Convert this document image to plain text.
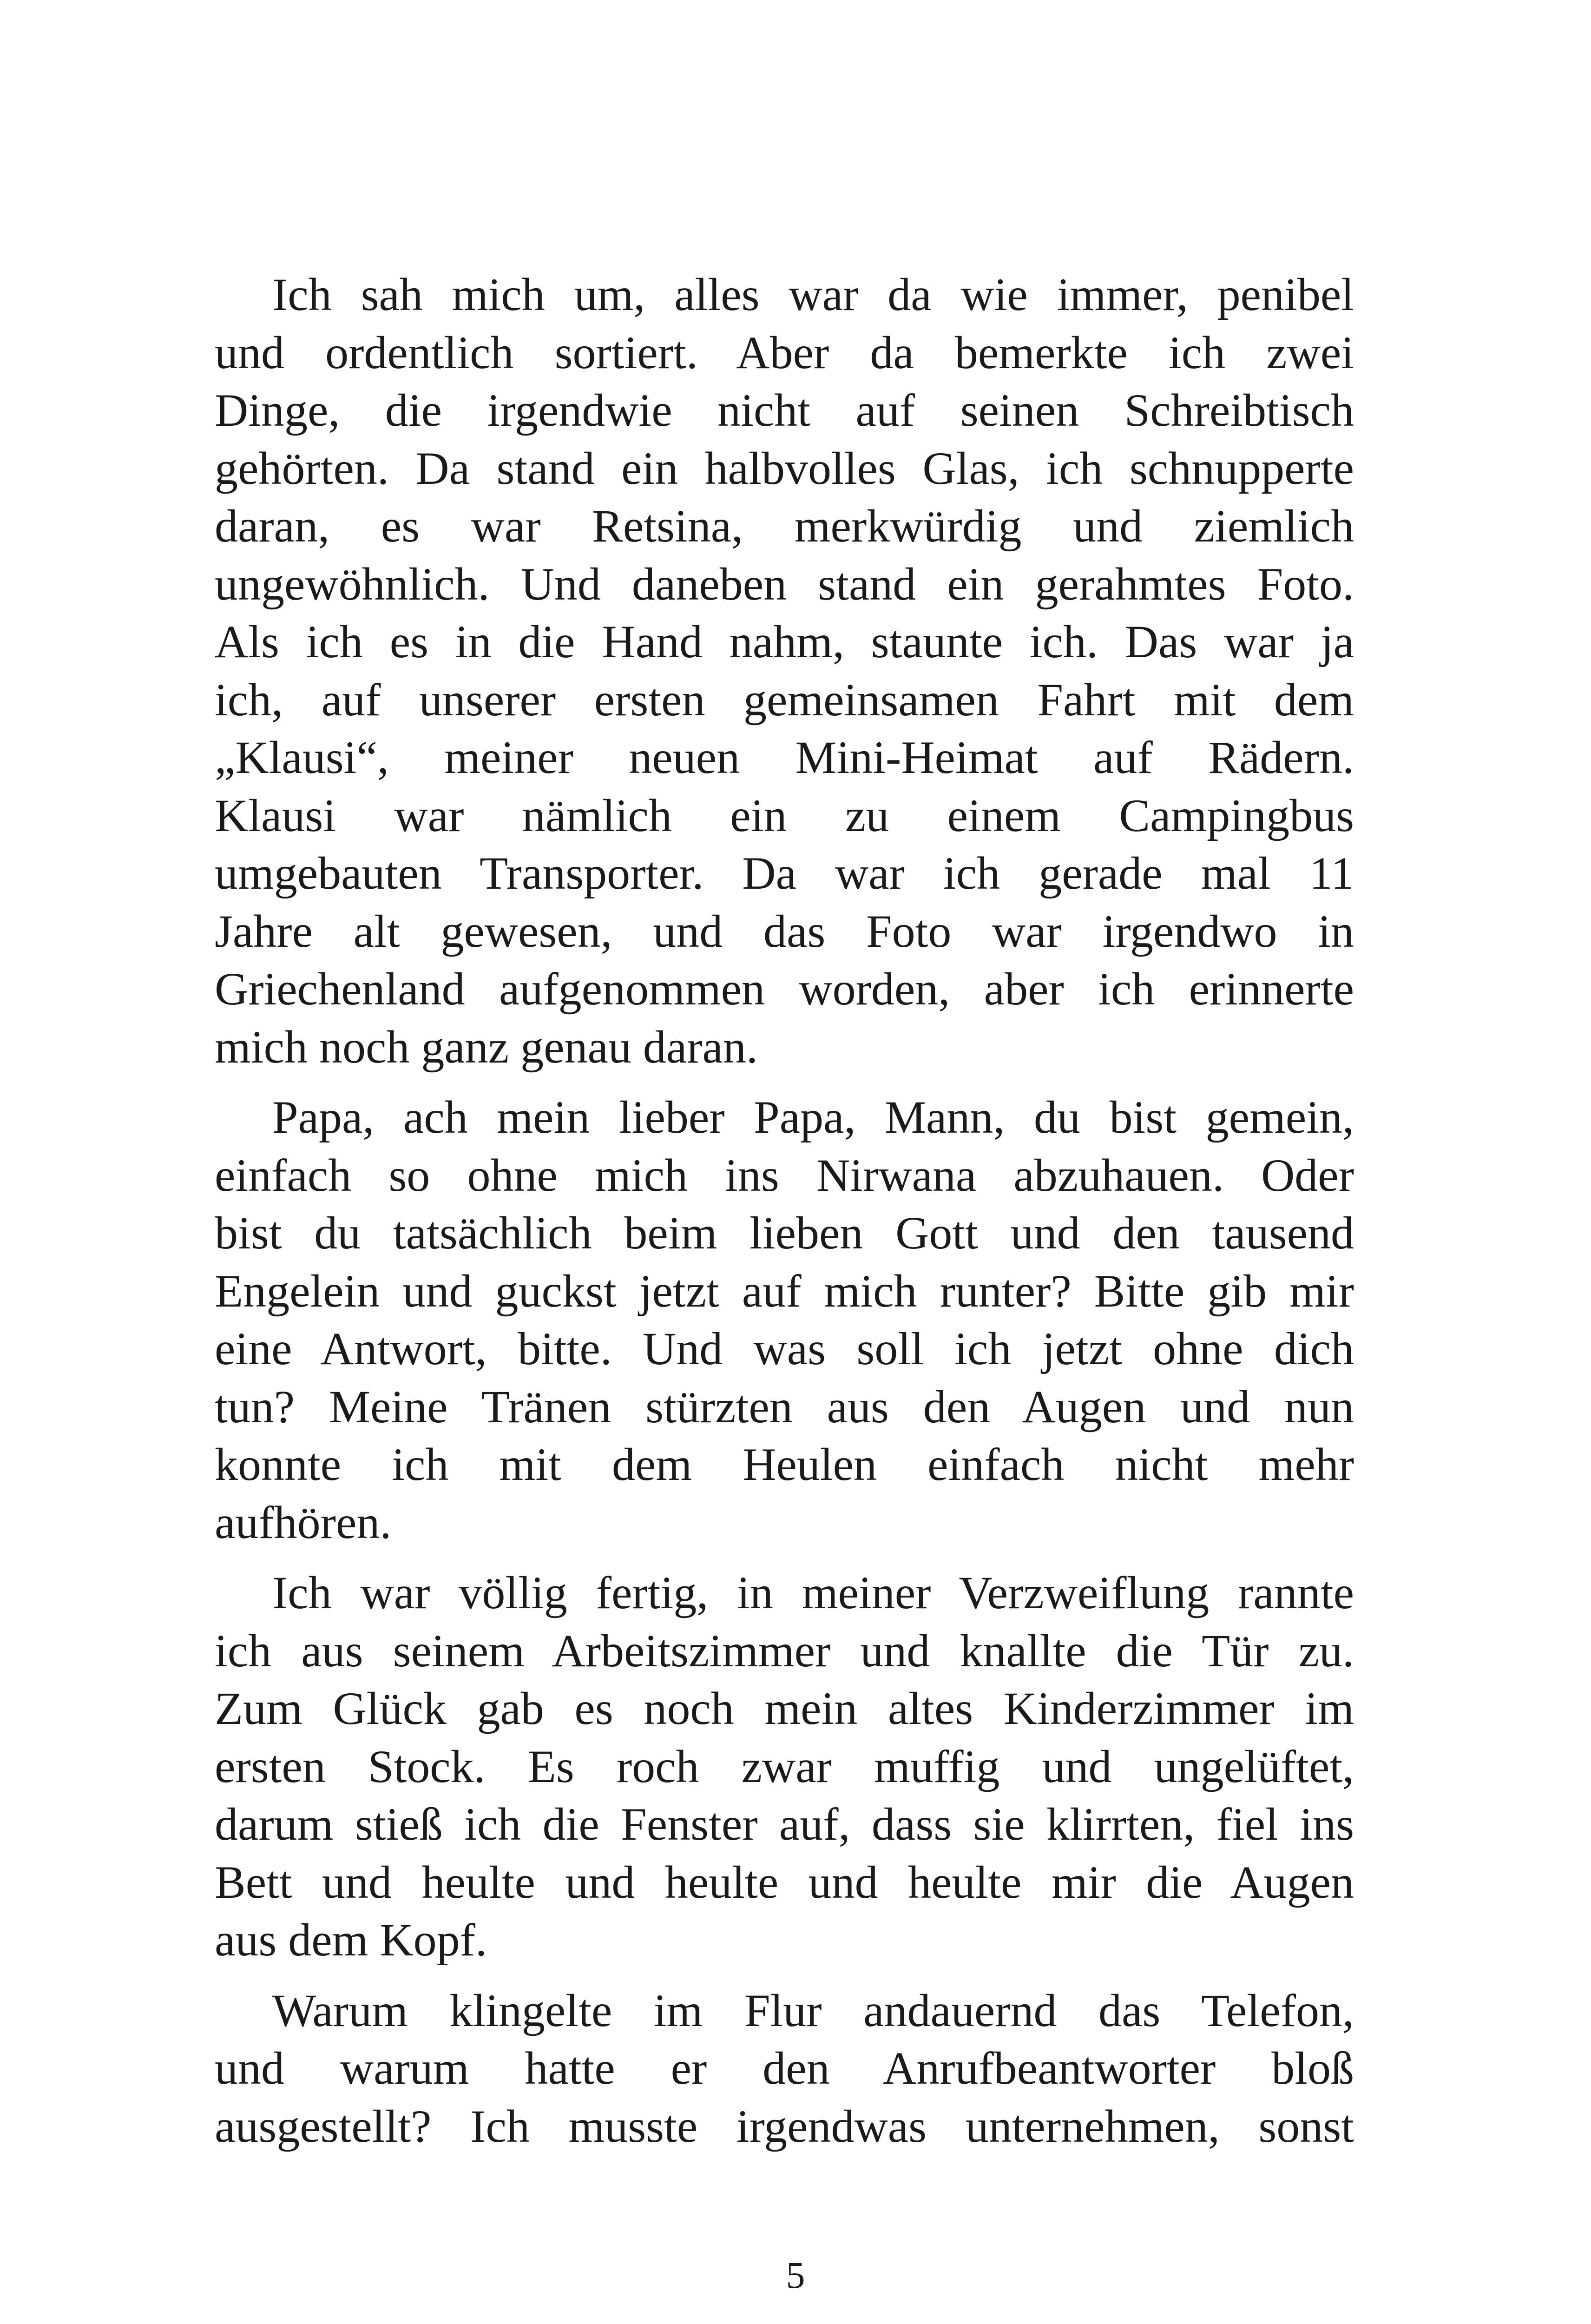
Ich sah mich um, alles war da wie immer, penibel
und ordentlich sortiert. Aber da bemerkte ich zwei
Dinge, die irgendwie nicht auf seinen Schreibtisch
gehörten. Da stand ein halbvolles Glas, ich schnupperte
daran, es war Retsina, merkwürdig und ziemlich
ungewöhnlich. Und daneben stand ein gerahmtes Foto.
Als ich es in die Hand nahm, staunte ich. Das war ja
ich, auf unserer ersten gemeinsamen Fahrt mit dem
„Klausi“, meiner neuen Mini-Heimat auf Rädern.
Klausi war nämlich ein zu einem Campingbus
umgebauten Transporter. Da war ich gerade mal 11
Jahre alt gewesen, und das Foto war irgendwo in
Griechenland aufgenommen worden, aber ich erinnerte
mich noch ganz genau daran.
Papa, ach mein lieber Papa, Mann, du bist gemein,
einfach so ohne mich ins Nirwana abzuhauen. Oder
bist du tatsächlich beim lieben Gott und den tausend
Engelein und guckst jetzt auf mich runter? Bitte gib mir
eine Antwort, bitte. Und was soll ich jetzt ohne dich
tun? Meine Tränen stürzten aus den Augen und nun
konnte ich mit dem Heulen einfach nicht mehr
aufhören.
Ich war völlig fertig, in meiner Verzweiflung rannte
ich aus seinem Arbeitszimmer und knallte die Tür zu.
Zum Glück gab es noch mein altes Kinderzimmer im
ersten Stock. Es roch zwar muffig und ungelüftet,
darum stieß ich die Fenster auf, dass sie klirrten, fiel ins
Bett und heulte und heulte und heulte mir die Augen
aus dem Kopf.
Warum klingelte im Flur andauernd das Telefon,
und warum hatte er den Anrufbeantworter bloß
ausgestellt? Ich musste irgendwas unternehmen, sonst
5
